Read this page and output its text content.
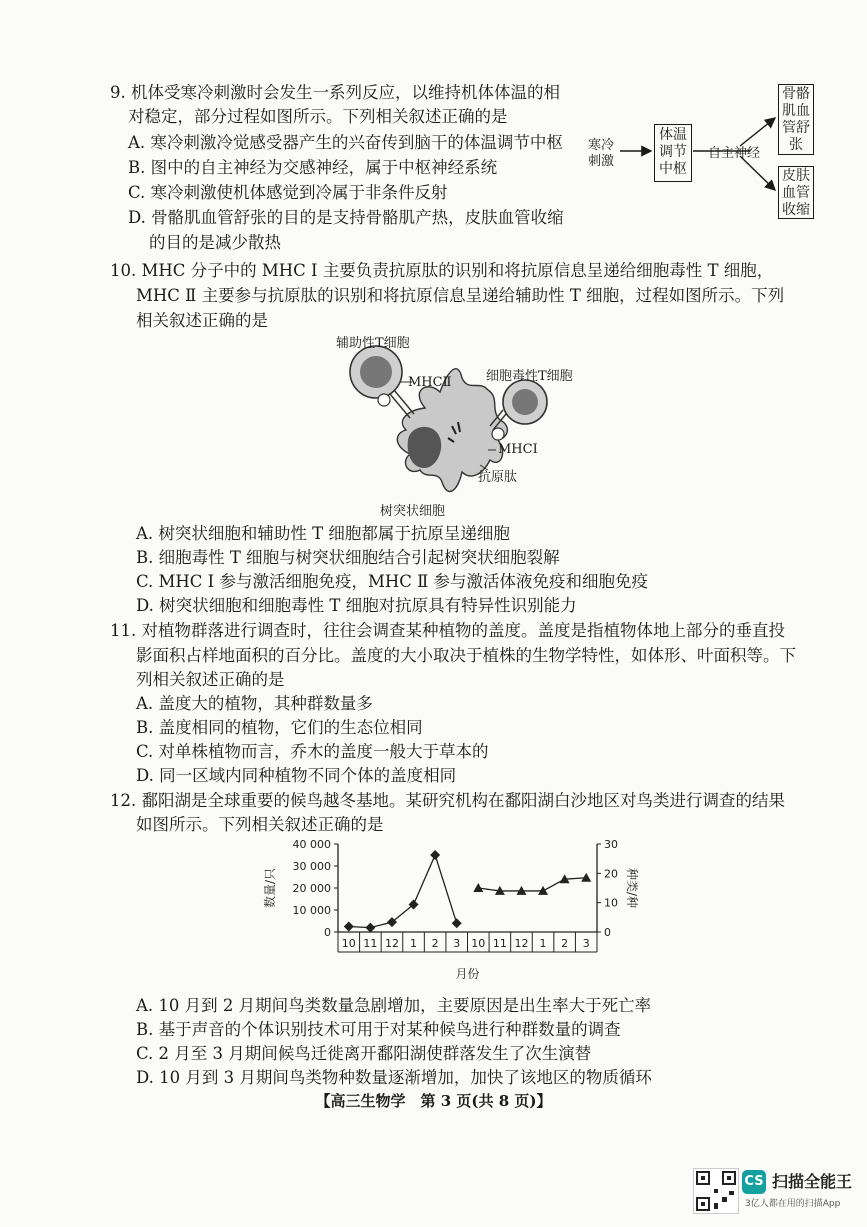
9. 机体受寒冷刺激时会发生一系列反应，以维持机体体温的相
对稳定，部分过程如图所示。下列相关叙述正确的是
A. 寒冷刺激冷觉感受器产生的兴奋传到脑干的体温调节中枢
B. 图中的自主神经为交感神经，属于中枢神经系统
C. 寒冷刺激使机体感觉到冷属于非条件反射
D. 骨骼肌血管舒张的目的是支持骨骼肌产热，皮肤血管收缩
的目的是减少散热
寒冷
刺激
体温
调节
中枢
自主神经
骨骼
肌血
管舒
张
皮肤
血管
收缩
10. MHC 分子中的 MHC Ⅰ 主要负责抗原肽的识别和将抗原信息呈递给细胞毒性 T 细胞，
MHC Ⅱ 主要参与抗原肽的识别和将抗原信息呈递给辅助性 T 细胞，过程如图所示。下列
相关叙述正确的是
辅助性T细胞
MHCⅡ	细胞毒性T细胞
MHCⅠ
抗原肽
树突状细胞
A. 树突状细胞和辅助性 T 细胞都属于抗原呈递细胞
B. 细胞毒性 T 细胞与树突状细胞结合引起树突状细胞裂解
C. MHC Ⅰ 参与激活细胞免疫，MHC Ⅱ 参与激活体液免疫和细胞免疫
D. 树突状细胞和细胞毒性 T 细胞对抗原具有特异性识别能力
11. 对植物群落进行调查时，往往会调查某种植物的盖度。盖度是指植物体地上部分的垂直投
影面积占样地面积的百分比。盖度的大小取决于植株的生物学特性，如体形、叶面积等。下
列相关叙述正确的是
A. 盖度大的植物，其种群数量多
B. 盖度相同的植物，它们的生态位相同
C. 对单株植物而言，乔木的盖度一般大于草本的
D. 同一区域内同种植物不同个体的盖度相同
12. 鄱阳湖是全球重要的候鸟越冬基地。某研究机构在鄱阳湖白沙地区对鸟类进行调查的结果
如图所示。下列相关叙述正确的是
0
10 000
20 000
30 000
40 000
0
10
20
30
10 11 12 1 2 3 10 11 12 1 2 3
数量/只	种类/种
月份
A. 10 月到 2 月期间鸟类数量急剧增加，主要原因是出生率大于死亡率
B. 基于声音的个体识别技术可用于对某种候鸟进行种群数量的调查
C. 2 月至 3 月期间候鸟迁徙离开鄱阳湖使群落发生了次生演替
D. 10 月到 3 月期间鸟类物种数量逐渐增加，加快了该地区的物质循环
【高三生物学　第 3 页(共 8 页)】
CS 扫描全能王
3亿人都在用的扫描App
